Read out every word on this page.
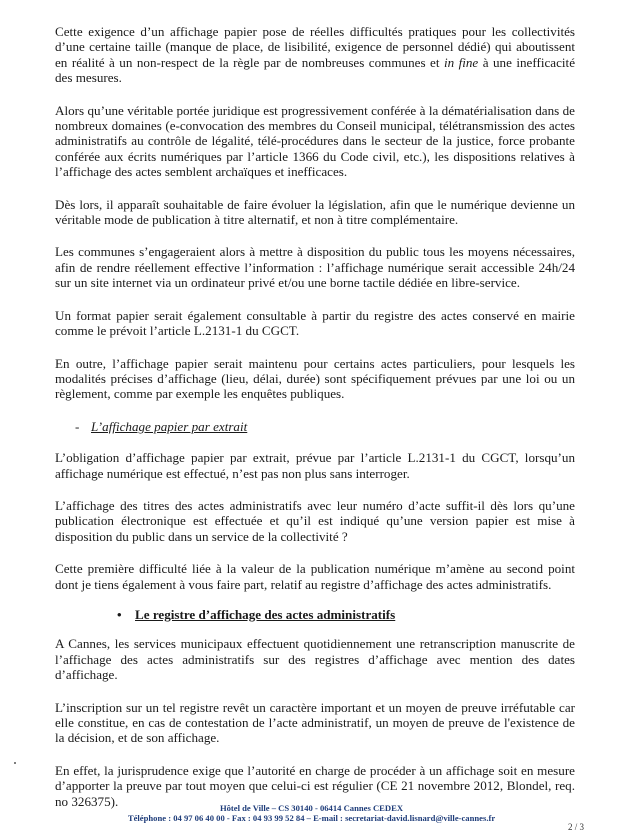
Cette exigence d’un affichage papier pose de réelles difficultés pratiques pour les collectivités d’une certaine taille (manque de place, de lisibilité, exigence de personnel dédié) qui aboutissent en réalité à un non-respect de la règle par de nombreuses communes et in fine à une inefficacité des mesures.

Alors qu’une véritable portée juridique est progressivement conférée à la dématérialisation dans de nombreux domaines (e-convocation des membres du Conseil municipal, télétransmission des actes administratifs au contrôle de légalité, télé-procédures dans le secteur de la justice, force probante conférée aux écrits numériques par l’article 1366 du Code civil, etc.), les dispositions relatives à l’affichage des actes semblent archaïques et inefficaces.

Dès lors, il apparaît souhaitable de faire évoluer la législation, afin que le numérique devienne un véritable mode de publication à titre alternatif, et non à titre complémentaire.

Les communes s’engageraient alors à mettre à disposition du public tous les moyens nécessaires, afin de rendre réellement effective l’information : l’affichage numérique serait accessible 24h/24 sur un site internet via un ordinateur privé et/ou une borne tactile dédiée en libre-service.

Un format papier serait également consultable à partir du registre des actes conservé en mairie comme le prévoit l’article L.2131-1 du CGCT.

En outre, l’affichage papier serait maintenu pour certains actes particuliers, pour lesquels les modalités précises d’affichage (lieu, délai, durée) sont spécifiquement prévues par une loi ou un règlement, comme par exemple les enquêtes publiques.

- L’affichage papier par extrait

L’obligation d’affichage papier par extrait, prévue par l’article L.2131-1 du CGCT, lorsqu’un affichage numérique est effectué, n’est pas non plus sans interroger.

L’affichage des titres des actes administratifs avec leur numéro d’acte suffit-il dès lors qu’une publication électronique est effectuée et qu’il est indiqué qu’une version papier est mise à disposition du public dans un service de la collectivité ?

Cette première difficulté liée à la valeur de la publication numérique m’amène au second point dont je tiens également à vous faire part, relatif au registre d’affichage des actes administratifs.

• Le registre d’affichage des actes administratifs

A Cannes, les services municipaux effectuent quotidiennement une retranscription manuscrite de l’affichage des actes administratifs sur des registres d’affichage avec mention des dates d’affichage.

L’inscription sur un tel registre revêt un caractère important et un moyen de preuve irréfutable car elle constitue, en cas de contestation de l’acte administratif, un moyen de preuve de l'existence de la décision, et de son affichage.

En effet, la jurisprudence exige que l’autorité en charge de procéder à un affichage soit en mesure d’apporter la preuve par tout moyen que celui-ci est régulier (CE 21 novembre 2012, Blondel, req. no 326375).	Hôtel de Ville – CS 30140 - 06414 Cannes CEDEX
Téléphone : 04 97 06 40 00 - Fax : 04 93 99 52 84 – E-mail : secretariat-david.lisnard@ville-cannes.fr
2 / 3
